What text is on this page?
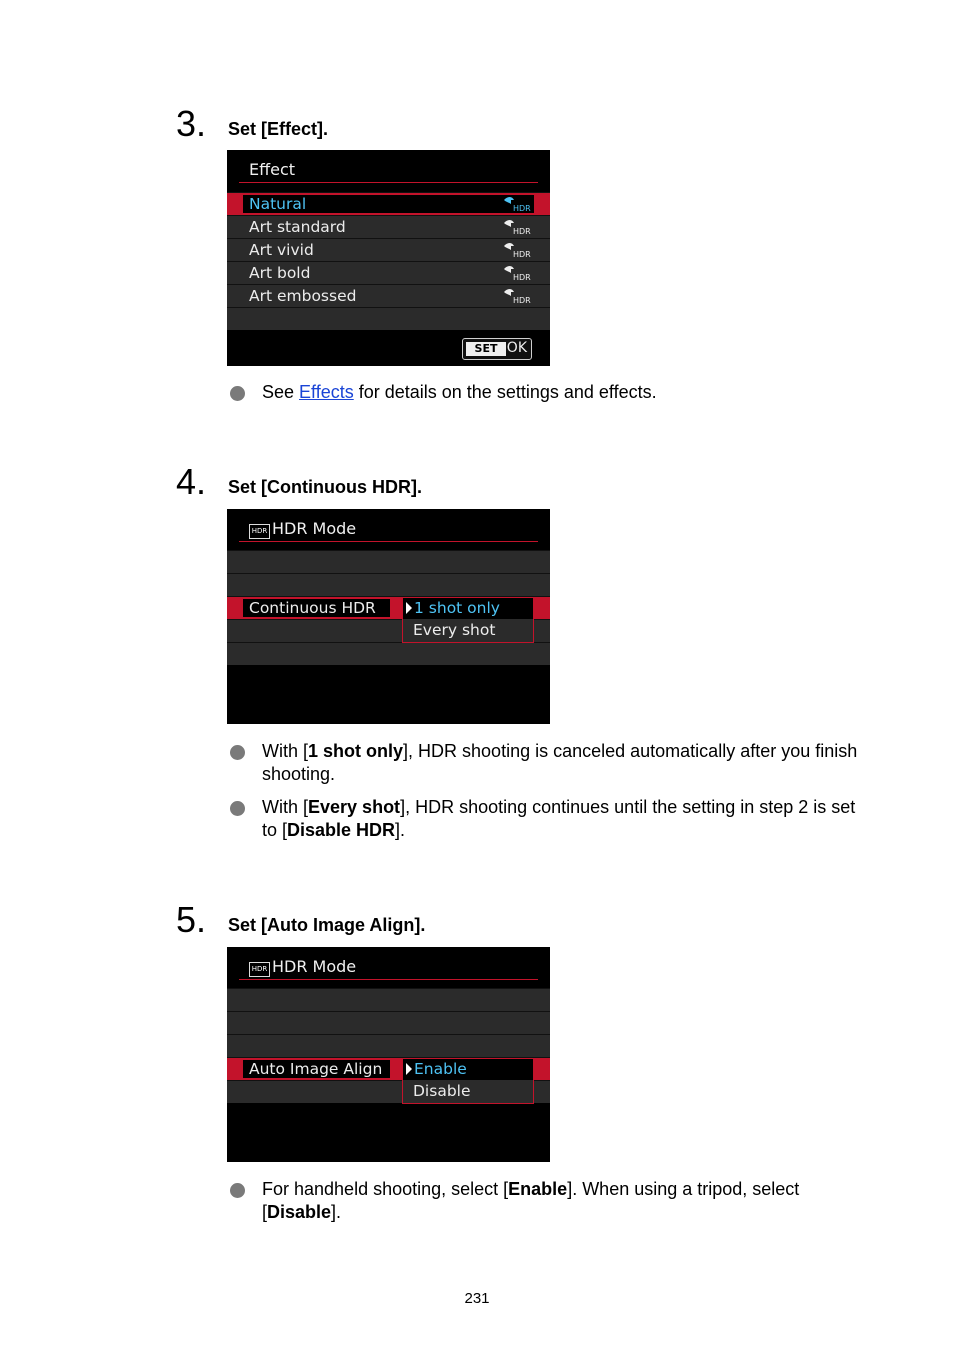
3. Set [Effect].
Effect
Natural	HDR
Art standard	HDR
Art vivid	HDR
Art bold	HDR
Art embossed	HDR
SET OK
See Effects for details on the settings and effects.
4. Set [Continuous HDR].
HDR HDR Mode
Continuous HDR 1 shot only
Every shot
With [1 shot only], HDR shooting is canceled automatically after you finish shooting.
With [Every shot], HDR shooting continues until the setting in step 2 is set to [Disable HDR].
5. Set [Auto Image Align].
HDR HDR Mode
Auto Image Align Enable
Disable
For handheld shooting, select [Enable]. When using a tripod, select [Disable].
231
